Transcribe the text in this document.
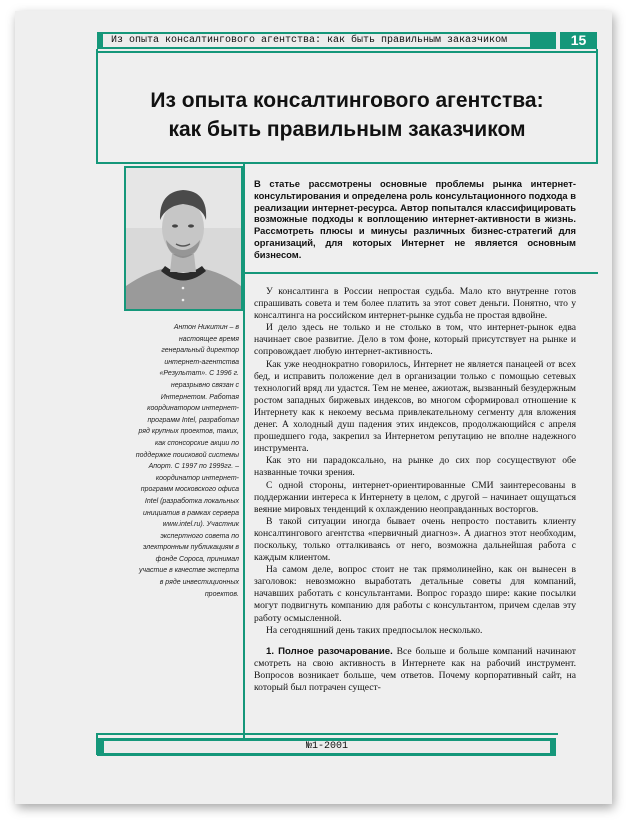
Из опыта консалтингового агентства: как быть правильным заказчиком	15
Из опыта консалтингового агентства:
как быть правильным заказчиком
Антон Никитин – в настоящее время генеральный директор интернет-агентства «Результат». С 1996 г. неразрывно связан с Интернетом. Работая координатором интернет-программ Intel, разработал ряд крупных проектов, таких, как спонсорские акции по поддержке поисковой системы Апорт. С 1997 по 1999гг. – координатор интернет-программ московского офиса Intel (разработка локальных инициатив в рамках сервера www.intel.ru). Участник экспертного совета по электронным публикациям в фонде Сороса, принимал участие в качестве эксперта в ряде инвестиционных проектов.
В статье рассмотрены основные проблемы рынка интернет-консультирования и определена роль консультационного подхода в реализации интернет-ресурса. Автор попытался классифицировать возможные подходы к воплощению интернет-активности в жизнь. Рассмотреть плюсы и минусы различных бизнес-стратегий для организаций, для которых Интернет не является основным бизнесом.

У консалтинга в России непростая судьба. Мало кто внутренне готов спрашивать совета и тем более платить за этот совет деньги. Понятно, что у консалтинга на российском интернет-рынке судьба не простая вдвойне.

И дело здесь не только и не столько в том, что интернет-рынок едва начинает свое развитие. Дело в том фоне, который присутствует на рынке и сопровождает любую интернет-активность.

Как уже неоднократно говорилось, Интернет не является панацеей от всех бед, и исправить положение дел в организации только с помощью сетевых технологий вряд ли удастся. Тем не менее, ажиотаж, вызванный безудержным ростом западных биржевых индексов, во многом сформировал отношение к Интернету как к некоему весьма привлекательному сегменту для вложения денег. А холодный душ падения этих индексов, продолжающийся с апреля прошедшего года, закрепил за Интернетом репутацию не вполне надежного инструмента.

Как это ни парадоксально, на рынке до сих пор сосуществуют обе названные точки зрения.

С одной стороны, интернет-ориентированные СМИ заинтересованы в поддержании интереса к Интернету в целом, с другой – начинает ощущаться веяние мировых тенденций к охлаждению неоправданных восторгов.

В такой ситуации иногда бывает очень непросто поставить клиенту консалтингового агентства «первичный диагноз». А диагноз этот необходим, поскольку, только отталкиваясь от него, возможна дальнейшая работа с каждым клиентом.

На самом деле, вопрос стоит не так прямолинейно, как он вынесен в заголовок: невозможно выработать детальные советы для компаний, начавших работать с консультантами. Вопрос гораздо шире: какие посылки могут подвигнуть компанию для работы с консультантом, причем сделав эту работу осмысленной.

На сегодняшний день таких предпосылок несколько.

1. Полное разочарование. Все больше и больше компаний начинают смотреть на свою активность в Интернете как на рабочий инструмент. Вопросов возникает больше, чем ответов. Почему корпоративный сайт, на который был потрачен сущест-

№1-2001
